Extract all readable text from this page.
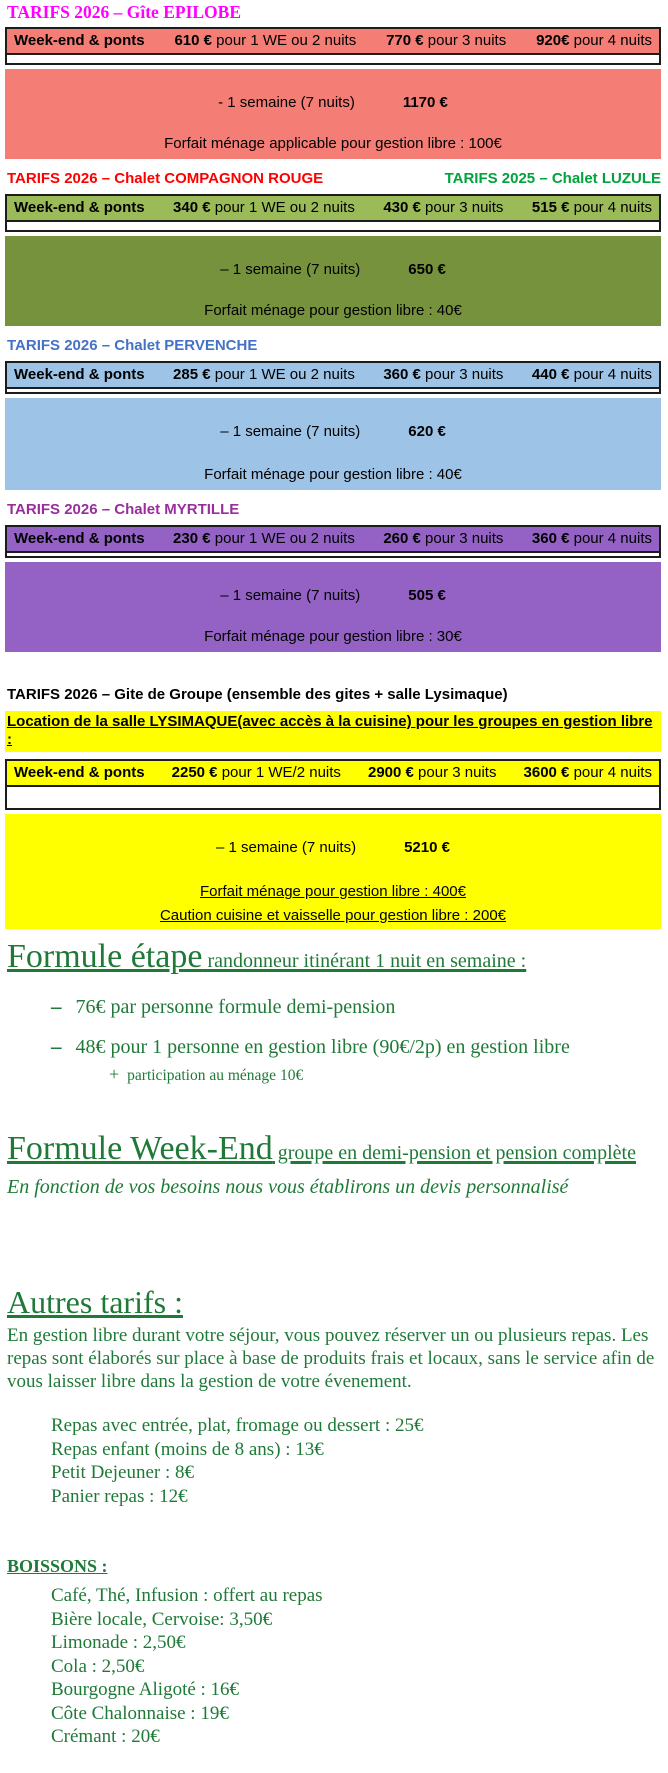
TARIFS 2026 – Gîte EPILOBE
Week-end & ponts 610 € pour 1 WE ou 2 nuits 770 € pour 3 nuits 920€ pour 4 nuits
- 1 semaine (7 nuits)	1170 €
Forfait ménage applicable pour gestion libre : 100€
TARIFS 2026 – Chalet COMPAGNON ROUGE	TARIFS 2025 – Chalet LUZULE
Week-end & ponts 340 € pour 1 WE ou 2 nuits 430 € pour 3 nuits 515 € pour 4 nuits
– 1 semaine (7 nuits)	650 €
Forfait ménage pour gestion libre : 40€
TARIFS 2026 – Chalet PERVENCHE
Week-end & ponts 285 € pour 1 WE ou 2 nuits 360 € pour 3 nuits 440 € pour 4 nuits
– 1 semaine (7 nuits)	620 €
Forfait ménage pour gestion libre : 40€
TARIFS 2026 – Chalet MYRTILLE
Week-end & ponts 230 € pour 1 WE ou 2 nuits 260 € pour 3 nuits 360 € pour 4 nuits
– 1 semaine (7 nuits)	505 €
Forfait ménage pour gestion libre : 30€
TARIFS 2026 – Gite de Groupe (ensemble des gites + salle Lysimaque)
Location de la salle LYSIMAQUE(avec accès à la cuisine) pour les groupes en gestion libre :
Week-end & ponts 2250 € pour 1 WE/2 nuits 2900 € pour 3 nuits 3600 € pour 4 nuits
– 1 semaine (7 nuits)	5210 €
Forfait ménage pour gestion libre : 400€
Caution cuisine et vaisselle pour gestion libre : 200€
Formule étape randonneur itinérant 1 nuit en semaine :
– 76€ par personne formule demi-pension
– 48€ pour 1 personne en gestion libre (90€/2p) en gestion libre
+ participation au ménage 10€
Formule Week-End groupe en demi-pension et pension complète
En fonction de vos besoins nous vous établirons un devis personnalisé
Autres tarifs :

En gestion libre durant votre séjour, vous pouvez réserver un ou plusieurs repas. Les repas sont élaborés sur place à base de produits frais et locaux, sans le service afin de vous laisser libre dans la gestion de votre évenement.

Repas avec entrée, plat, fromage ou dessert : 25€
Repas enfant (moins de 8 ans) : 13€
Petit Dejeuner : 8€
Panier repas : 12€
BOISSONS :
Café, Thé, Infusion : offert au repas
Bière locale, Cervoise: 3,50€
Limonade : 2,50€
Cola : 2,50€
Bourgogne Aligoté : 16€
Côte Chalonnaise : 19€
Crémant : 20€
